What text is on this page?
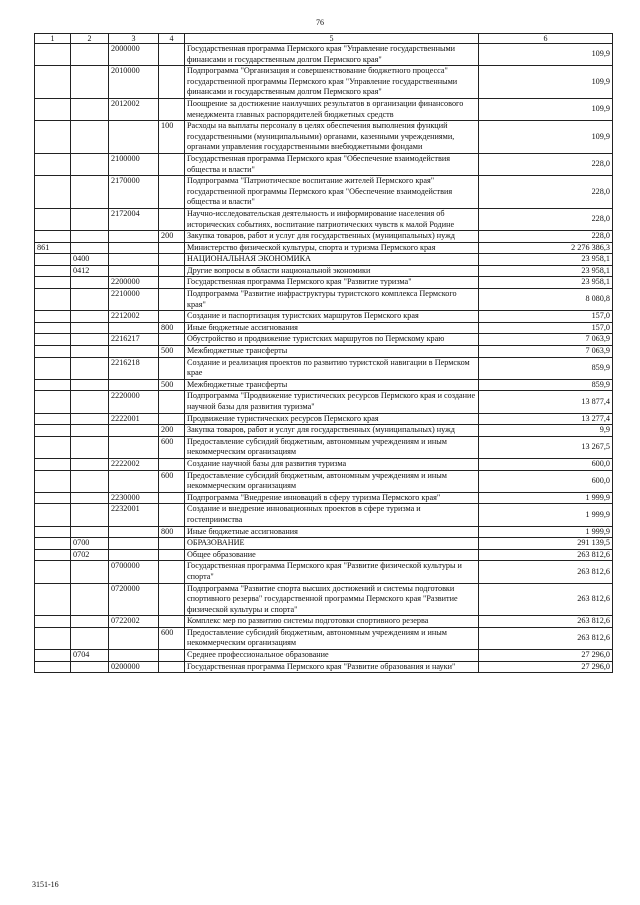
76
1	2	3	4	5	6
		2000000		Государственная программа Пермского края "Управление государственными финансами и государственным долгом Пермского края"	109,9
		2010000		Подпрограмма "Организация и совершенствование бюджетного процесса" государственной программы Пермского края "Управление государственными финансами и государственным долгом Пермского края"	109,9
		2012002		Поощрение за достижение наилучших результатов в организации финансового менеджмента главных распорядителей бюджетных средств	109,9
			100	Расходы на выплаты персоналу в целях обеспечения выполнения функций государственными (муниципальными) органами, казенными учреждениями, органами управления государственными внебюджетными фондами	109,9
		2100000		Государственная программа Пермского края "Обеспечение взаимодействия общества и власти"	228,0
		2170000		Подпрограмма "Патриотическое воспитание жителей Пермского края" государственной программы Пермского края "Обеспечение взаимодействия общества и власти"	228,0
		2172004		Научно-исследовательская деятельность и информирование населения об исторических событиях, воспитание патриотических чувств к малой Родине	228,0
			200	Закупка товаров, работ и услуг для государственных (муниципальных) нужд	228,0
861				Министерство физической культуры, спорта и туризма Пермского края	2 276 386,3
	0400			НАЦИОНАЛЬНАЯ ЭКОНОМИКА	23 958,1
	0412			Другие вопросы в области национальной экономики	23 958,1
		2200000		Государственная программа Пермского края "Развитие туризма"	23 958,1
		2210000		Подпрограмма "Развитие инфраструктуры туристского комплекса Пермского края"	8 080,8
		2212002		Создание и паспортизация туристских маршрутов Пермского края	157,0
			800	Иные бюджетные ассигнования	157,0
		2216217		Обустройство и продвижение туристских маршрутов по Пермскому краю	7 063,9
			500	Межбюджетные трансферты	7 063,9
		2216218		Создание и реализация проектов по развитию туристской навигации в Пермском крае	859,9
			500	Межбюджетные трансферты	859,9
		2220000		Подпрограмма "Продвижение туристических ресурсов Пермского края и создание научной базы для развития туризма"	13 877,4
		2222001		Продвижение туристических ресурсов Пермского края	13 277,4
			200	Закупка товаров, работ и услуг для государственных (муниципальных) нужд	9,9
			600	Предоставление субсидий бюджетным, автономным учреждениям и иным некоммерческим организациям	13 267,5
		2222002		Создание научной базы для развития туризма	600,0
			600	Предоставление субсидий бюджетным, автономным учреждениям и иным некоммерческим организациям	600,0
		2230000		Подпрограмма "Внедрение инноваций в сферу туризма Пермского края"	1 999,9
		2232001		Создание и внедрение инновационных проектов в сфере туризма и гостеприимства	1 999,9
			800	Иные бюджетные ассигнования	1 999,9
	0700			ОБРАЗОВАНИЕ	291 139,5
	0702			Общее образование	263 812,6
		0700000		Государственная программа Пермского края "Развитие физической культуры и спорта"	263 812,6
		0720000		Подпрограмма "Развитие спорта высших достижений и системы подготовки спортивного резерва" государственной программы Пермского края "Развитие физической культуры и спорта"	263 812,6
		0722002		Комплекс мер по развитию системы подготовки спортивного резерва	263 812,6
			600	Предоставление субсидий бюджетным, автономным учреждениям и иным некоммерческим организациям	263 812,6
	0704			Среднее профессиональное образование	27 296,0
		0200000		Государственная программа Пермского края "Развитие образования и науки"	27 296,0
3151-16
